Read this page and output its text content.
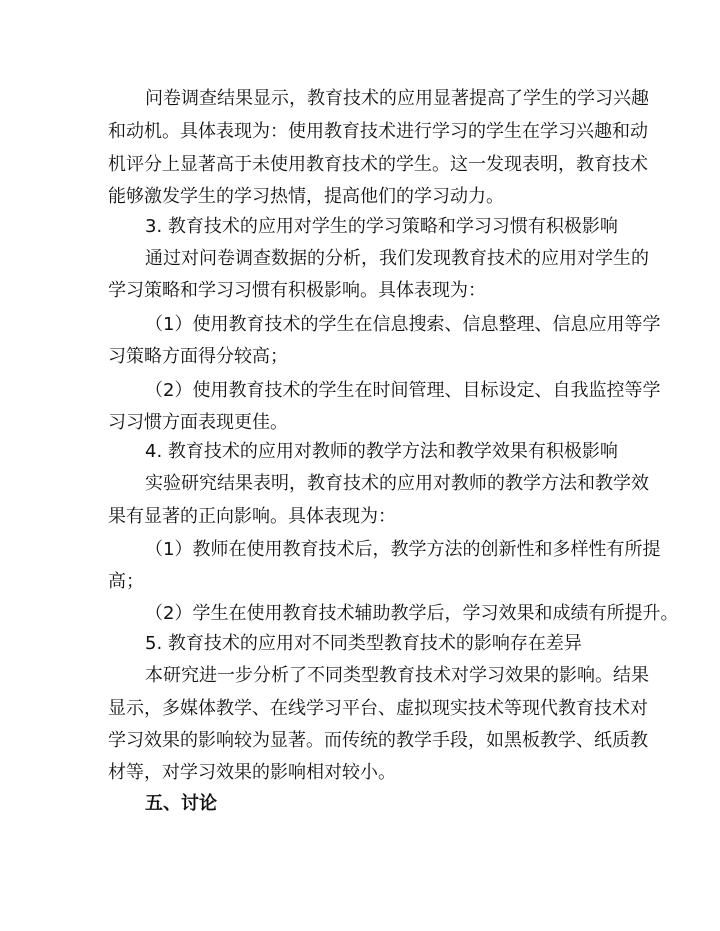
问卷调查结果显示，教育技术的应用显著提高了学生的学习兴趣
和动机。具体表现为：使用教育技术进行学习的学生在学习兴趣和动
机评分上显著高于未使用教育技术的学生。这一发现表明，教育技术
能够激发学生的学习热情，提高他们的学习动力。
3. 教育技术的应用对学生的学习策略和学习习惯有积极影响
通过对问卷调查数据的分析，我们发现教育技术的应用对学生的
学习策略和学习习惯有积极影响。具体表现为：
（1）使用教育技术的学生在信息搜索、信息整理、信息应用等学
习策略方面得分较高；
（2）使用教育技术的学生在时间管理、目标设定、自我监控等学
习习惯方面表现更佳。
4. 教育技术的应用对教师的教学方法和教学效果有积极影响
实验研究结果表明，教育技术的应用对教师的教学方法和教学效
果有显著的正向影响。具体表现为：
（1）教师在使用教育技术后，教学方法的创新性和多样性有所提
高；
（2）学生在使用教育技术辅助教学后，学习效果和成绩有所提升。
5. 教育技术的应用对不同类型教育技术的影响存在差异
本研究进一步分析了不同类型教育技术对学习效果的影响。结果
显示，多媒体教学、在线学习平台、虚拟现实技术等现代教育技术对
学习效果的影响较为显著。而传统的教学手段，如黑板教学、纸质教
材等，对学习效果的影响相对较小。
五、讨论
